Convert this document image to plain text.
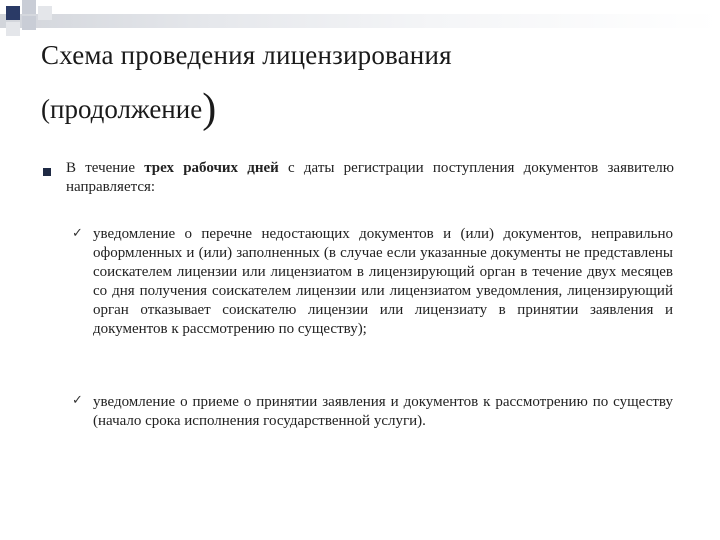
Схема проведения лицензирования
(продолжение)
В течение трех рабочих дней с даты регистрации поступления документов заявителю направляется:
✓ уведомление о перечне недостающих документов и (или) документов, неправильно оформленных и (или) заполненных (в случае если указанные документы не представлены соискателем лицензии или лицензиатом в лицензирующий орган в течение двух месяцев со дня получения соискателем лицензии или лицензиатом уведомления, лицензирующий орган отказывает соискателю лицензии или лицензиату в принятии заявления и документов к рассмотрению по существу);
✓ уведомление о приеме о принятии заявления и документов к рассмотрению по существу (начало срока исполнения государственной услуги).
